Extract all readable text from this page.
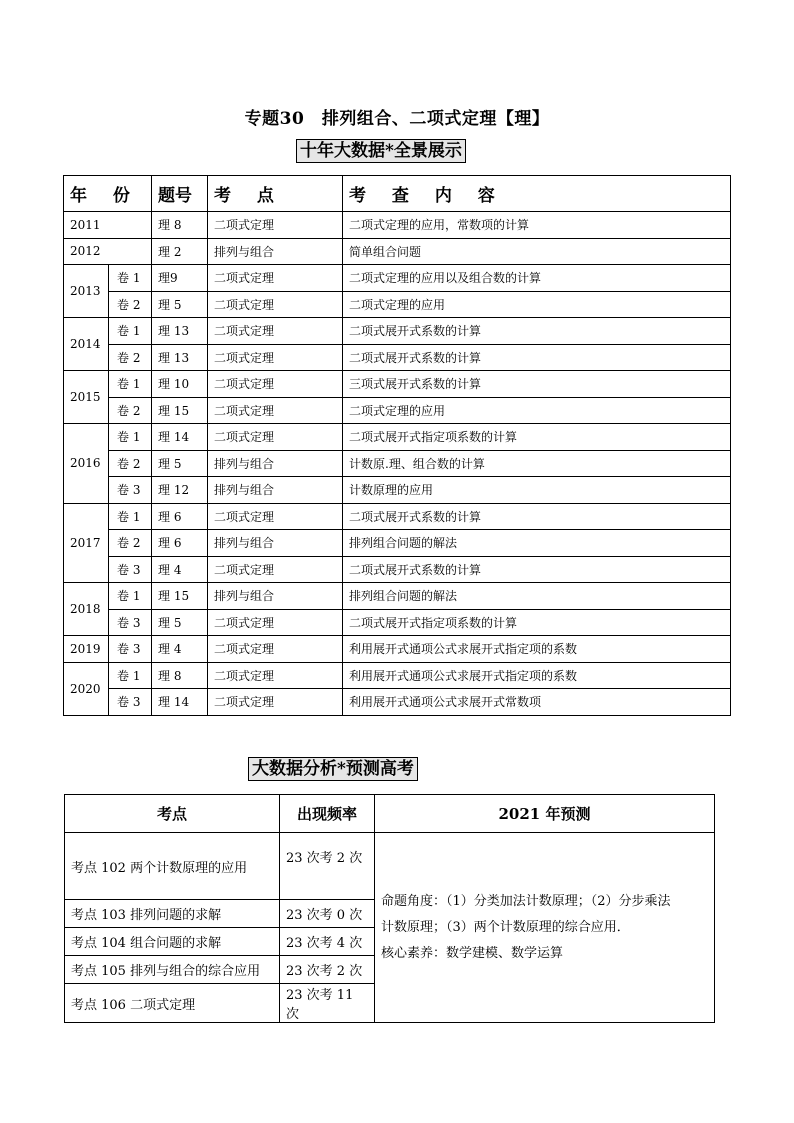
专题30　排列组合、二项式定理【理】
十年大数据*全景展示
年 份		题号	考 点	考 查 内 容
2011		理 8	二项式定理	二项式定理的应用，常数项的计算
2012		理 2	排列与组合	简单组合问题
2013	卷 1	理9	二项式定理	二项式定理的应用以及组合数的计算
	卷 2	理 5	二项式定理	二项式定理的应用
2014	卷 1	理 13	二项式定理	二项式展开式系数的计算
	卷 2	理 13	二项式定理	二项式展开式系数的计算
2015	卷 1	理 10	二项式定理	三项式展开式系数的计算
	卷 2	理 15	二项式定理	二项式定理的应用
2016	卷 1	理 14	二项式定理	二项式展开式指定项系数的计算
	卷 2	理 5	排列与组合	计数原.理、组合数的计算
	卷 3	理 12	排列与组合	计数原理的应用
2017	卷 1	理 6	二项式定理	二项式展开式系数的计算
	卷 2	理 6	排列与组合	排列组合问题的解法
	卷 3	理 4	二项式定理	二项式展开式系数的计算
2018	卷 1	理 15	排列与组合	排列组合问题的解法
	卷 3	理 5	二项式定理	二项式展开式指定项系数的计算
2019	卷 3	理 4	二项式定理	利用展开式通项公式求展开式指定项的系数
2020	卷 1	理 8	二项式定理	利用展开式通项公式求展开式指定项的系数
	卷 3	理 14	二项式定理	利用展开式通项公式求展开式常数项
大数据分析*预测高考
考点	出现频率	2021 年预测
考点 102 两个计数原理的应用	23 次考 2 次	命题角度：（1）分类加法计数原理；（2）分步乘法
计数原理；（3）两个计数原理的综合应用．
核心素养：数学建模、数学运算

考点 103 排列问题的求解	23 次考 0 次	
考点 104 组合问题的求解	23 次考 4 次	
考点 105 排列与组合的综合应用	23 次考 2 次	
考点 106 二项式定理	23 次考 11 次	
